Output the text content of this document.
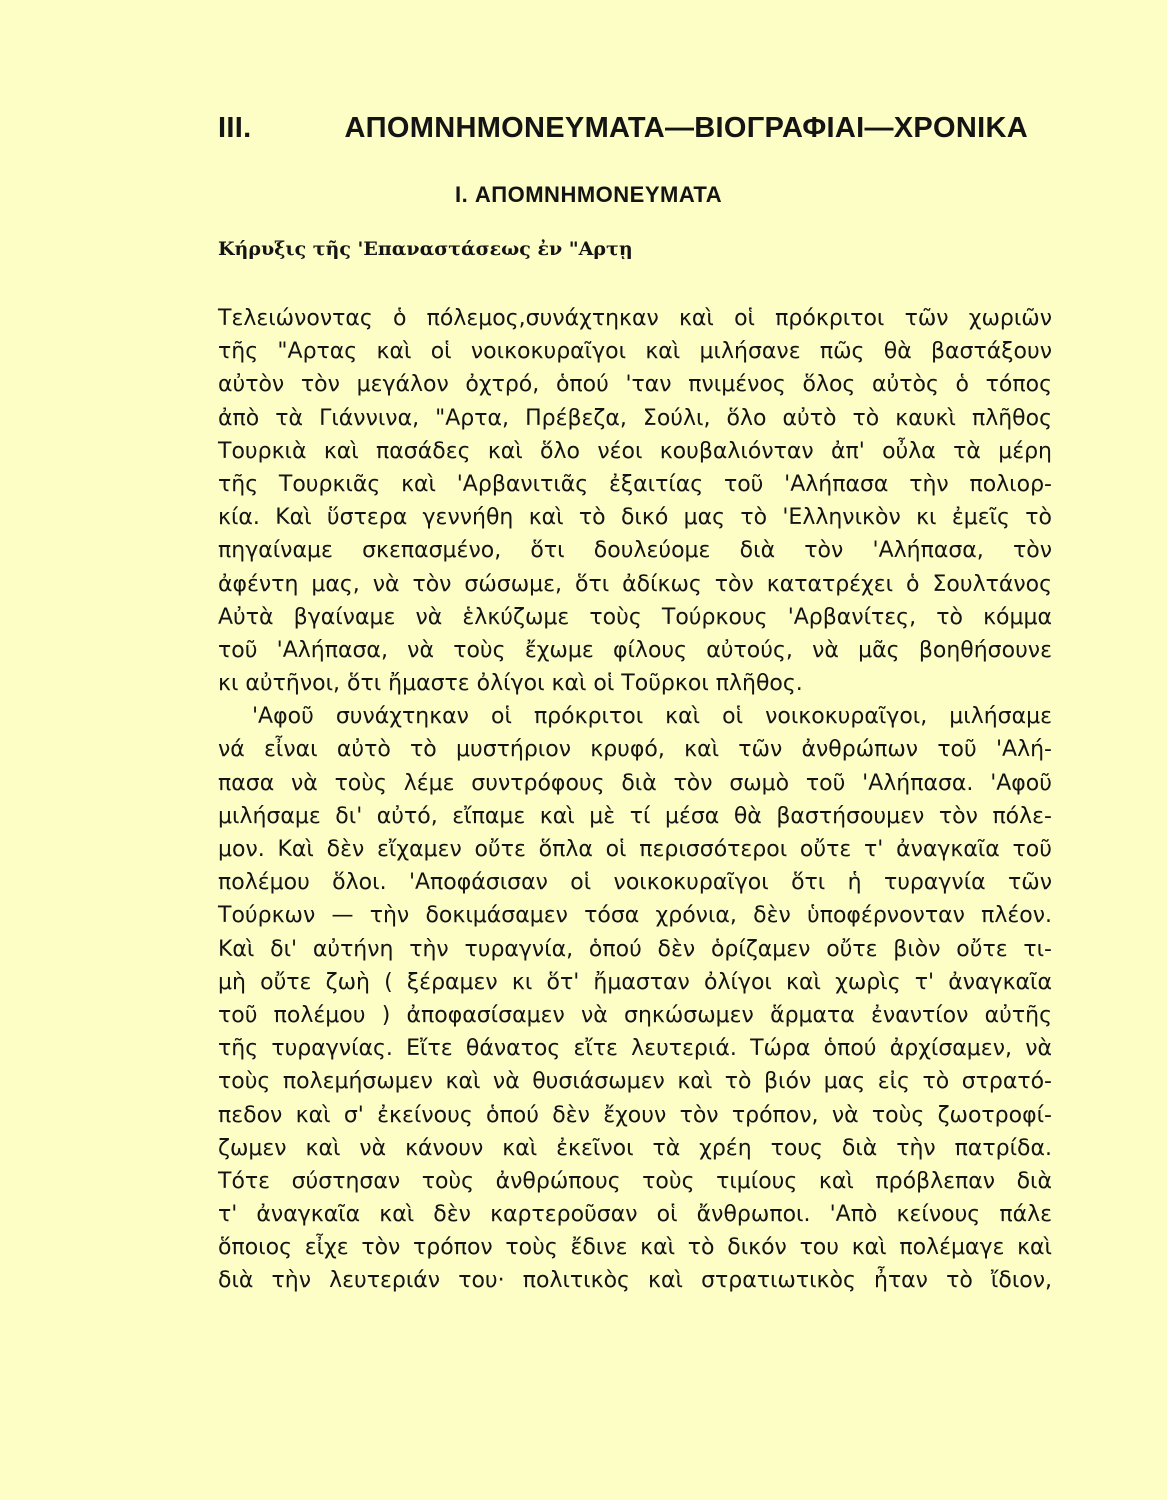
III. ΑΠΟΜΝΗΜΟΝΕΥΜΑΤΑ—ΒΙΟΓΡΑΦΙΑΙ—ΧΡΟΝΙΚΑ
I. ΑΠΟΜΝΗΜΟΝΕΥΜΑΤΑ
Κήρυξις τῆς 'Επαναστάσεως ἐν "Αρτῃ
Τελειώνοντας ὁ πόλεμος,συνάχτηκαν καὶ οἱ πρόκριτοι τῶν χωριῶν
τῆς "Αρτας καὶ οἱ νοικοκυραῖγοι καὶ μιλήσανε πῶς θὰ βαστάξουν
αὐτὸν τὸν μεγάλον ὀχτρό, ὁπού 'ταν πνιμένος ὅλος αὐτὸς ὁ τόπος
ἀπὸ τὰ Γιάννινα, "Αρτα, Πρέβεζα, Σούλι, ὅλο αὐτὸ τὸ καυκὶ πλῆθος
Τουρκιὰ καὶ πασάδες καὶ ὅλο νέοι κουβαλιόνταν ἀπ' οὖλα τὰ μέρη
τῆς Τουρκιᾶς καὶ 'Αρβανιτιᾶς ἐξαιτίας τοῦ 'Αλήπασα τὴν πολιορ-
κία. Καὶ ὕστερα γεννήθη καὶ τὸ δικό μας τὸ 'Ελληνικὸν κι ἐμεῖς τὸ
πηγαίναμε σκεπασμένο, ὅτι δουλεύομε διὰ τὸν 'Αλήπασα, τὸν
ἀφέντη μας, νὰ τὸν σώσωμε, ὅτι ἀδίκως τὸν κατατρέχει ὁ Σουλτάνος
Αὐτὰ βγαίναμε νὰ ἑλκύζωμε τοὺς Τούρκους 'Αρβανίτες, τὸ κόμμα
τοῦ 'Αλήπασα, νὰ τοὺς ἔχωμε φίλους αὐτούς, νὰ μᾶς βοηθήσουνε
κι αὐτῆνοι, ὅτι ἤμαστε ὀλίγοι καὶ οἱ Τοῦρκοι πλῆθος.
'Αφοῦ συνάχτηκαν οἱ πρόκριτοι καὶ οἱ νοικοκυραῖγοι, μιλήσαμε
νά εἶναι αὐτὸ τὸ μυστήριον κρυφό, καὶ τῶν ἀνθρώπων τοῦ 'Αλή-
πασα νὰ τοὺς λέμε συντρόφους διὰ τὸν σωμὸ τοῦ 'Αλήπασα. 'Αφοῦ
μιλήσαμε δι' αὐτό, εἴπαμε καὶ μὲ τί μέσα θὰ βαστήσουμεν τὸν πόλε-
μον. Καὶ δὲν εἴχαμεν οὔτε ὅπλα οἱ περισσότεροι οὔτε τ' ἀναγκαῖα τοῦ
πολέμου ὅλοι. 'Αποφάσισαν οἱ νοικοκυραῖγοι ὅτι ἡ τυραγνία τῶν
Τούρκων — τὴν δοκιμάσαμεν τόσα χρόνια, δὲν ὑποφέρνονταν πλέον.
Καὶ δι' αὐτήνη τὴν τυραγνία, ὁπού δὲν ὁρίζαμεν οὔτε βιὸν οὔτε τι-
μὴ οὔτε ζωὴ ( ξέραμεν κι ὅτ' ἤμασταν ὀλίγοι καὶ χωρὶς τ' ἀναγκαῖα
τοῦ πολέμου ) ἀποφασίσαμεν νὰ σηκώσωμεν ἅρματα ἐναντίον αὐτῆς
τῆς τυραγνίας. Εἴτε θάνατος εἴτε λευτεριά. Τώρα ὁπού ἀρχίσαμεν, νὰ
τοὺς πολεμήσωμεν καὶ νὰ θυσιάσωμεν καὶ τὸ βιόν μας εἰς τὸ στρατό-
πεδον καὶ σ' ἐκείνους ὁπού δὲν ἔχουν τὸν τρόπον, νὰ τοὺς ζωοτροφί-
ζωμεν καὶ νὰ κάνουν καὶ ἐκεῖνοι τὰ χρέη τους διὰ τὴν πατρίδα.
Τότε σύστησαν τοὺς ἀνθρώπους τοὺς τιμίους καὶ πρόβλεπαν διὰ
τ' ἀναγκαῖα καὶ δὲν καρτεροῦσαν οἱ ἄνθρωποι. 'Απὸ κείνους πάλε
ὅποιος εἶχε τὸν τρόπον τοὺς ἔδινε καὶ τὸ δικόν του καὶ πολέμαγε καὶ
διὰ τὴν λευτεριάν του· πολιτικὸς καὶ στρατιωτικὸς ἦταν τὸ ἴδιον,
